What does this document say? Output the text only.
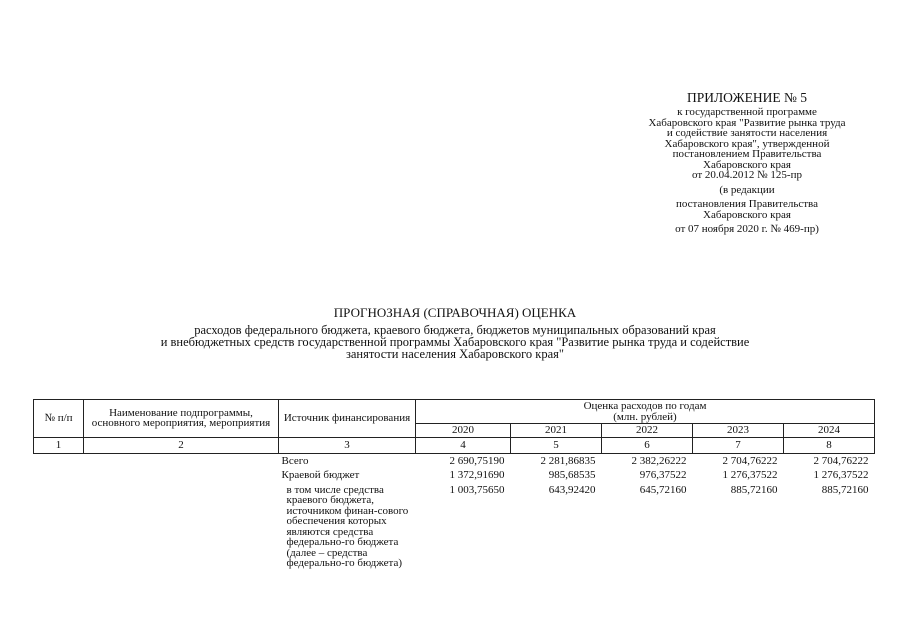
ПРИЛОЖЕНИЕ № 5
к государственной программе
Хабаровского края "Развитие рынка труда
и содействие занятости населения
Хабаровского края", утвержденной
постановлением Правительства
Хабаровского края
от 20.04.2012 № 125-пр
(в редакции
постановления Правительства
Хабаровского края
от 07 ноября 2020 г. № 469-пр)
ПРОГНОЗНАЯ (СПРАВОЧНАЯ) ОЦЕНКА
расходов федерального бюджета, краевого бюджета, бюджетов муниципальных образований края
и внебюджетных средств государственной программы Хабаровского края "Развитие рынка труда и содействие
занятости населения Хабаровского края"
№ п/п	Наименование подпрограммы, основного мероприятия, мероприятия	Источник финансирования	Оценка расходов по годам
(млн. рублей)				

			2020	2021	2022	2023	2024
1	2	3	4	5	6	7	8
		Всего	2 690,75190	2 281,86835	2 382,26222	2 704,76222	2 704,76222
		Краевой бюджет	1 372,91690	985,68535	976,37522	1 276,37522	1 276,37522
		в том числе средства краевого бюджета, источником финан-сового обеспечения которых являются средства федерально-го бюджета (далее – средства федерально-го бюджета)	1 003,75650	643,92420	645,72160	885,72160	885,72160
